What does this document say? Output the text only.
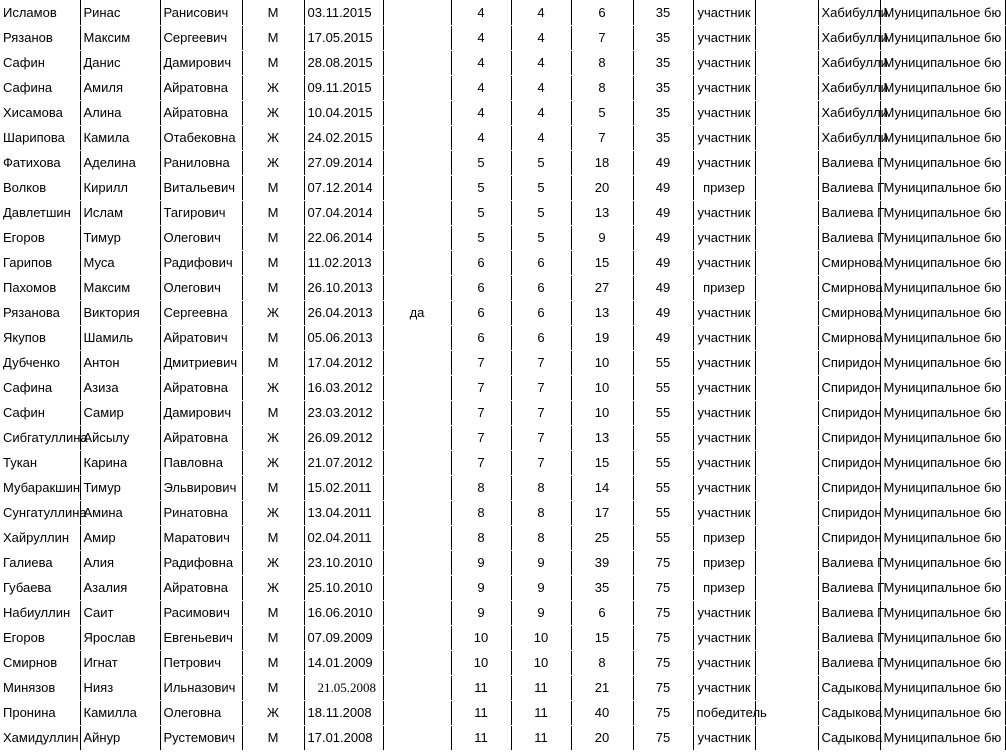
Исламов	Ринас	Ранисович	М	03.11.2015		4	4	6	35	участник		Хабибулли	Муниципальное бю
Рязанов	Максим	Сергеевич	М	17.05.2015		4	4	7	35	участник		Хабибулли	Муниципальное бю
Сафин	Данис	Дамирович	М	28.08.2015		4	4	8	35	участник		Хабибулли	Муниципальное бю
Сафина	Амиля	Айратовна	Ж	09.11.2015		4	4	8	35	участник		Хабибулли	Муниципальное бю
Хисамова	Алина	Айратовна	Ж	10.04.2015		4	4	5	35	участник		Хабибулли	Муниципальное бю
Шарипова	Камила	Отабековна	Ж	24.02.2015		4	4	7	35	участник		Хабибулли	Муниципальное бю
Фатихова	Аделина	Раниловна	Ж	27.09.2014		5	5	18	49	участник		Валиева Г	Муниципальное бю
Волков	Кирилл	Витальевич	М	07.12.2014		5	5	20	49	призер		Валиева Г	Муниципальное бю
Давлетшин	Ислам	Тагирович	М	07.04.2014		5	5	13	49	участник		Валиева Г	Муниципальное бю
Егоров	Тимур	Олегович	М	22.06.2014		5	5	9	49	участник		Валиева Г	Муниципальное бю
Гарипов	Муса	Радифович	М	11.02.2013		6	6	15	49	участник		Смирнова	Муниципальное бю
Пахомов	Максим	Олегович	М	26.10.2013		6	6	27	49	призер		Смирнова	Муниципальное бю
Рязанова	Виктория	Сергеевна	Ж	26.04.2013	да	6	6	13	49	участник		Смирнова	Муниципальное бю
Якупов	Шамиль	Айратович	М	05.06.2013		6	6	19	49	участник		Смирнова	Муниципальное бю
Дубченко	Антон	Дмитриевич	М	17.04.2012		7	7	10	55	участник		Спиридон	Муниципальное бю
Сафина	Азиза	Айратовна	Ж	16.03.2012		7	7	10	55	участник		Спиридон	Муниципальное бю
Сафин	Самир	Дамирович	М	23.03.2012		7	7	10	55	участник		Спиридон	Муниципальное бю
Сибгатуллина	Айсылу	Айратовна	Ж	26.09.2012		7	7	13	55	участник		Спиридон	Муниципальное бю
Тукан	Карина	Павловна	Ж	21.07.2012		7	7	15	55	участник		Спиридон	Муниципальное бю
Мубаракшин	Тимур	Эльвирович	М	15.02.2011		8	8	14	55	участник		Спиридон	Муниципальное бю
Сунгатуллина	Амина	Ринатовна	Ж	13.04.2011		8	8	17	55	участник		Спиридон	Муниципальное бю
Хайруллин	Амир	Маратович	М	02.04.2011		8	8	25	55	призер		Спиридон	Муниципальное бю
Галиева	Алия	Радифовна	Ж	23.10.2010		9	9	39	75	призер		Валиева Г	Муниципальное бю
Губаева	Азалия	Айратовна	Ж	25.10.2010		9	9	35	75	призер		Валиева Г	Муниципальное бю
Набиуллин	Саит	Расимович	М	16.06.2010		9	9	6	75	участник		Валиева Г	Муниципальное бю
Егоров	Ярослав	Евгеньевич	М	07.09.2009		10	10	15	75	участник		Валиева Г	Муниципальное бю
Смирнов	Игнат	Петрович	М	14.01.2009		10	10	8	75	участник		Валиева Г	Муниципальное бю
Минязов	Нияз	Ильназович	М	21.05.2008		11	11	21	75	участник		Садыкова	Муниципальное бю
Пронина	Камилла	Олеговна	Ж	18.11.2008		11	11	40	75	победитель		Садыкова	Муниципальное бю
Хамидуллин	Айнур	Рустемович	М	17.01.2008		11	11	20	75	участник		Садыкова	Муниципальное бю
